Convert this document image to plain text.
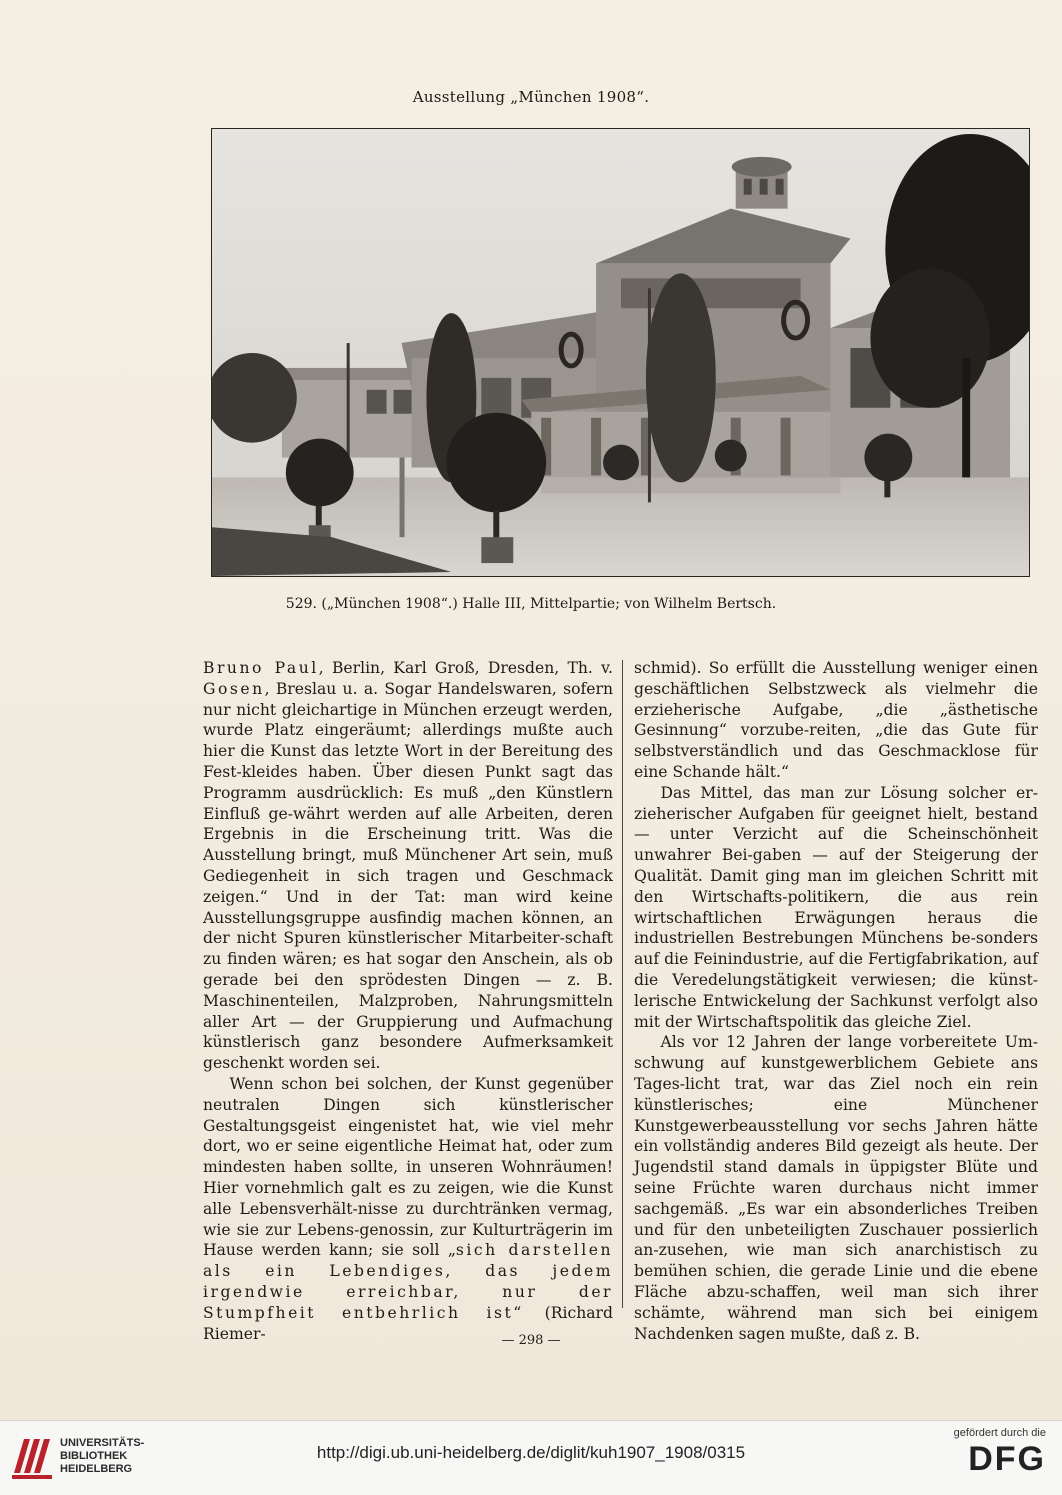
Ausstellung „München 1908“.
529. („München 1908“.) Halle III, Mittelpartie; von Wilhelm Bertsch.

Bruno Paul, Berlin, Karl Groß, Dresden, Th. v. Gosen, Breslau u. a. Sogar Handelswaren, sofern nur nicht gleichartige in München erzeugt werden, wurde Platz eingeräumt; allerdings mußte auch hier die Kunst das letzte Wort in der Bereitung des Fest-kleides haben. Über diesen Punkt sagt das Programm ausdrücklich: Es muß „den Künstlern Einfluß ge-währt werden auf alle Arbeiten, deren Ergebnis in die Erscheinung tritt. Was die Ausstellung bringt, muß Münchener Art sein, muß Gediegenheit in sich tragen und Geschmack zeigen.“ Und in der Tat: man wird keine Ausstellungsgruppe ausfindig machen können, an der nicht Spuren künstlerischer Mitarbeiter-schaft zu finden wären; es hat sogar den Anschein, als ob gerade bei den sprödesten Dingen — z. B. Maschinenteilen, Malzproben, Nahrungsmitteln aller Art — der Gruppierung und Aufmachung künstlerisch ganz besondere Aufmerksamkeit geschenkt worden sei.

Wenn schon bei solchen, der Kunst gegenüber neutralen Dingen sich künstlerischer Gestaltungsgeist eingenistet hat, wie viel mehr dort, wo er seine eigentliche Heimat hat, oder zum mindesten haben sollte, in unseren Wohnräumen! Hier vornehmlich galt es zu zeigen, wie die Kunst alle Lebensverhält-nisse zu durchtränken vermag, wie sie zur Lebens-genossin, zur Kulturträgerin im Hause werden kann; sie soll „sich darstellen als ein Lebendiges, das jedem irgendwie erreichbar, nur der Stumpfheit entbehrlich ist“ (Richard Riemer-

schmid). So erfüllt die Ausstellung weniger einen geschäftlichen Selbstzweck als vielmehr die erzieherische Aufgabe, „die „ästhetische Gesinnung“ vorzube-reiten, „die das Gute für selbstverständlich und das Geschmacklose für eine Schande hält.“

Das Mittel, das man zur Lösung solcher er-zieherischer Aufgaben für geeignet hielt, bestand — unter Verzicht auf die Scheinschönheit unwahrer Bei-gaben — auf der Steigerung der Qualität. Damit ging man im gleichen Schritt mit den Wirtschafts-politikern, die aus rein wirtschaftlichen Erwägungen heraus die industriellen Bestrebungen Münchens be-sonders auf die Feinindustrie, auf die Fertigfabrikation, auf die Veredelungstätigkeit verwiesen; die künst-lerische Entwickelung der Sachkunst verfolgt also mit der Wirtschaftspolitik das gleiche Ziel.

Als vor 12 Jahren der lange vorbereitete Um-schwung auf kunstgewerblichem Gebiete ans Tages-licht trat, war das Ziel noch ein rein künstlerisches; eine Münchener Kunstgewerbeausstellung vor sechs Jahren hätte ein vollständig anderes Bild gezeigt als heute. Der Jugendstil stand damals in üppigster Blüte und seine Früchte waren durchaus nicht immer sachgemäß. „Es war ein absonderliches Treiben und für den unbeteiligten Zuschauer possierlich an-zusehen, wie man sich anarchistisch zu bemühen schien, die gerade Linie und die ebene Fläche abzu-schaffen, weil man sich ihrer schämte, während man sich bei einigem Nachdenken sagen mußte, daß z. B.

— 298 —
UNIVERSITÄTS-
BIBLIOTHEK
HEIDELBERG
http://digi.ub.uni-heidelberg.de/diglit/kuh1907_1908/0315
gefördert durch die
DFG
